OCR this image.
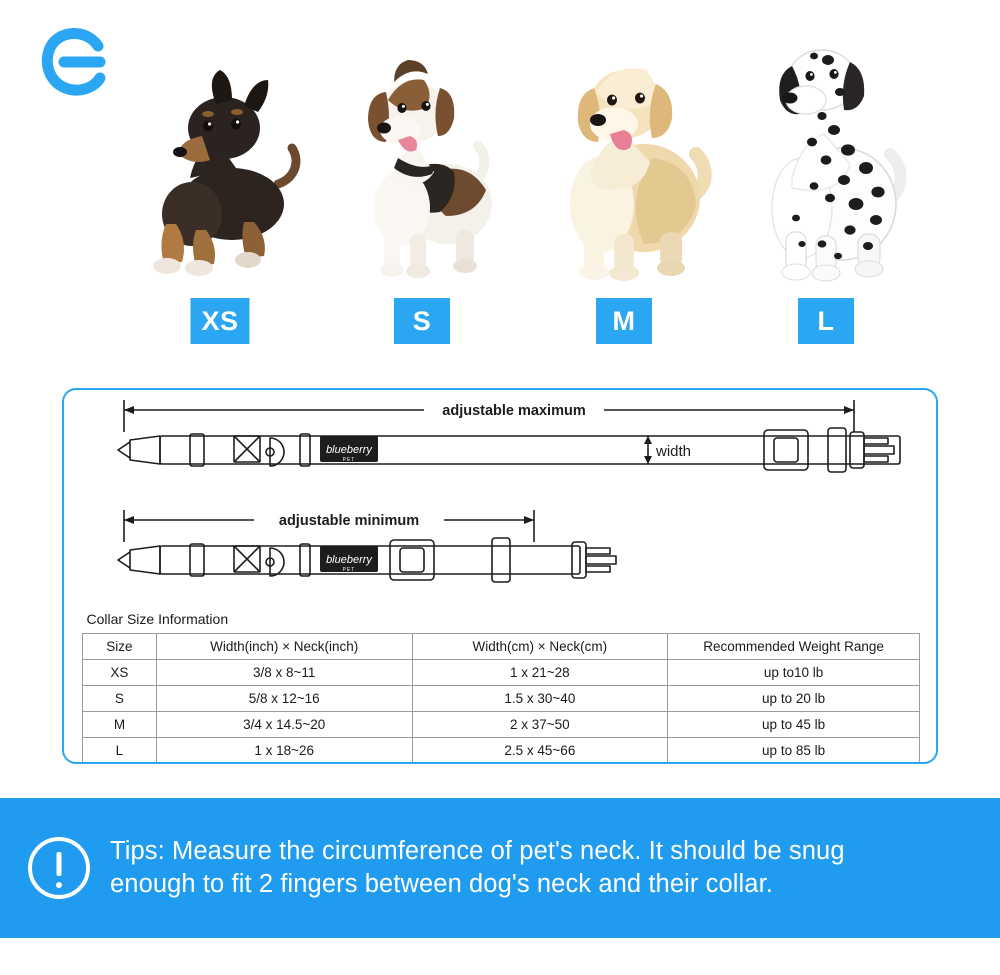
XS	S	M	L
blueberry
PET
blueberry
PET
adjustable maximum
adjustable minimum
width
Collar Size Information			
Size	Width(inch) × Neck(inch)	Width(cm) × Neck(cm)	Recommended Weight Range
XS	3/8 x 8~11	1 x 21~28	up to10 lb
S	5/8 x 12~16	1.5 x 30~40	up to 20 lb
M	3/4 x 14.5~20	2 x 37~50	up to 45 lb
L	1 x 18~26	2.5 x 45~66	up to 85 lb
Tips: Measure the circumference of pet's neck. It should be snug
enough to fit 2 fingers between dog's neck and their collar.
